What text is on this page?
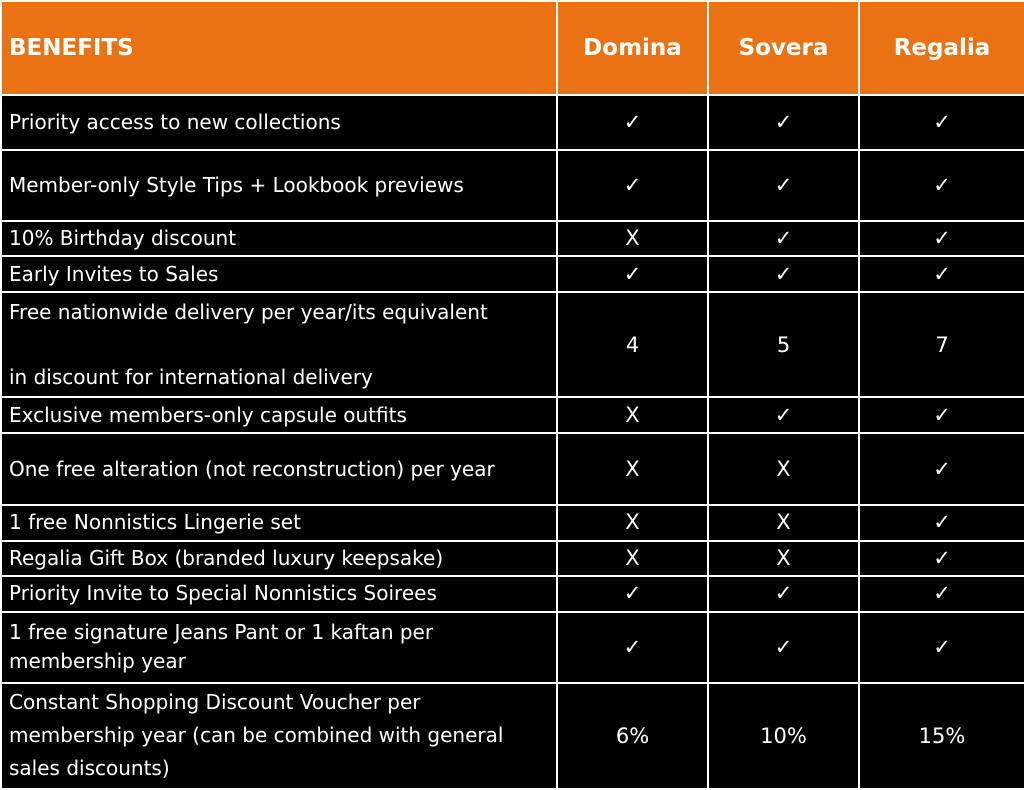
BENEFITS	Domina	Sovera	Regalia
Priority access to new collections	✓	✓	✓
Member-only Style Tips + Lookbook previews	✓	✓	✓
10% Birthday discount	X	✓	✓
Early Invites to Sales	✓	✓	✓

Free nationwide delivery per year/its equivalent
in discount for international delivery	4	5	7
Exclusive members-only capsule outfits	X	✓	✓
One free alteration (not reconstruction) per year	X	X	✓
1 free Nonnistics Lingerie set	X	X	✓
Regalia Gift Box (branded luxury keepsake)	X	X	✓
Priority Invite to Special Nonnistics Soirees	✓	✓	✓

1 free signature Jeans Pant or 1 kaftan per
membership year	✓	✓	✓

Constant Shopping Discount Voucher per
membership year (can be combined with general
sales discounts)	6%	10%	15%
